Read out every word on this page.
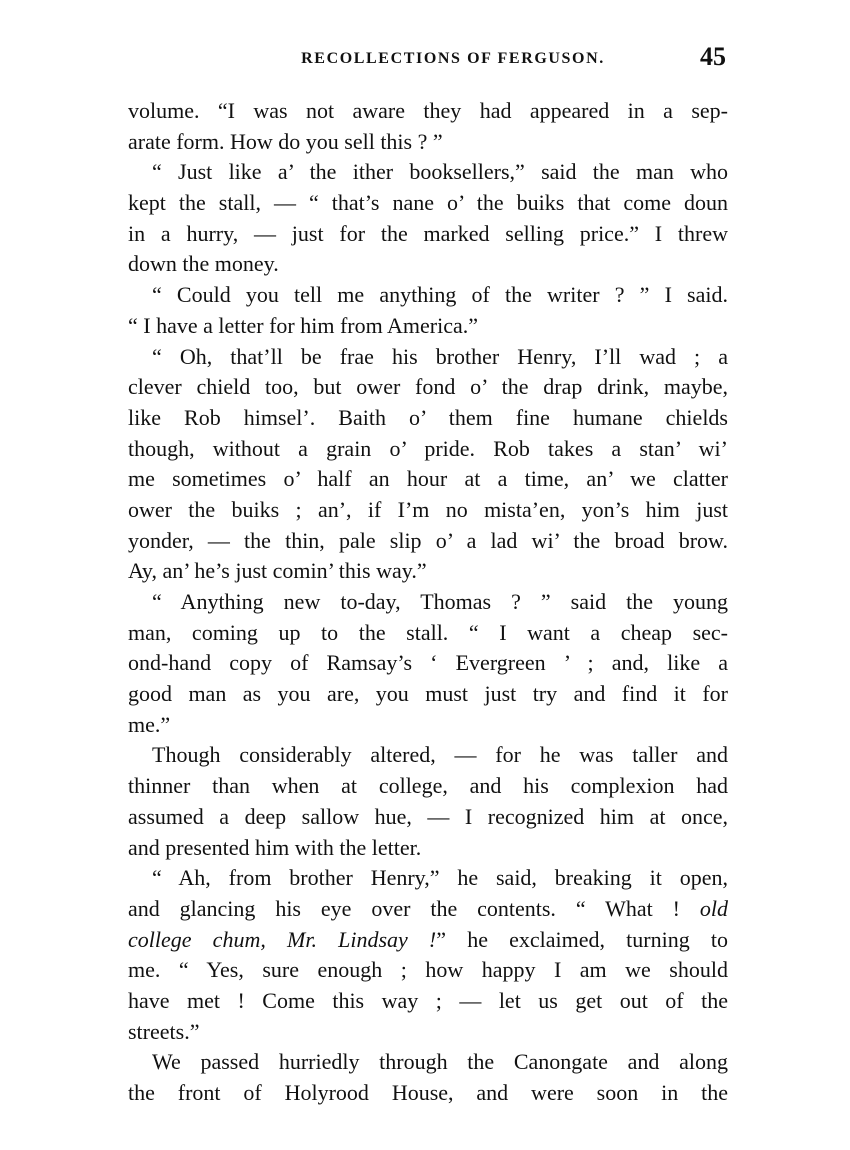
RECOLLECTIONS OF FERGUSON.	45
volume. “I was not aware they had appeared in a sep-
arate form. How do you sell this ? ”
“ Just like a’ the ither booksellers,” said the man who
kept the stall, — “ that’s nane o’ the buiks that come doun
in a hurry, — just for the marked selling price.” I threw
down the money.
“ Could you tell me anything of the writer ? ” I said.
“ I have a letter for him from America.”
“ Oh, that’ll be frae his brother Henry, I’ll wad ; a
clever chield too, but ower fond o’ the drap drink, maybe,
like Rob himsel’. Baith o’ them fine humane chields
though, without a grain o’ pride. Rob takes a stan’ wi’
me sometimes o’ half an hour at a time, an’ we clatter
ower the buiks ; an’, if I’m no mista’en, yon’s him just
yonder, — the thin, pale slip o’ a lad wi’ the broad brow.
Ay, an’ he’s just comin’ this way.”
“ Anything new to-day, Thomas ? ” said the young
man, coming up to the stall. “ I want a cheap sec-
ond-hand copy of Ramsay’s ‘ Evergreen ’ ; and, like a
good man as you are, you must just try and find it for
me.”
Though considerably altered, — for he was taller and
thinner than when at college, and his complexion had
assumed a deep sallow hue, — I recognized him at once,
and presented him with the letter.
“ Ah, from brother Henry,” he said, breaking it open,
and glancing his eye over the contents. “ What ! old
college chum, Mr. Lindsay !” he exclaimed, turning to
me. “ Yes, sure enough ; how happy I am we should
have met ! Come this way ; — let us get out of the
streets.”
We passed hurriedly through the Canongate and along
the front of Holyrood House, and were soon in the
